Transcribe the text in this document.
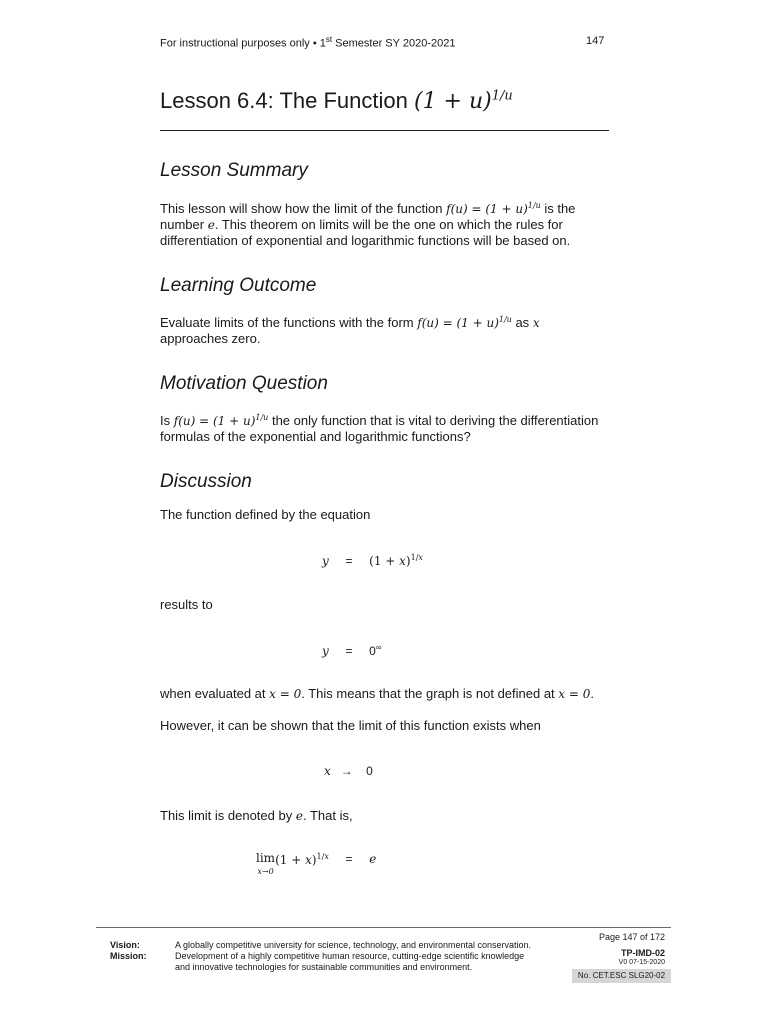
For instructional purposes only • 1st Semester SY 2020-2021	147
Lesson 6.4: The Function $(1 + u)^{1/u}$
Lesson Summary

This lesson will show how the limit of the function $f(u) = (1 + u)^{1/u}$ is the number e. This theorem on limits will be the one on which the rules for differentiation of exponential and logarithmic functions will be based on.

Learning Outcome

Evaluate limits of the functions with the form $f(u) = (1 + u)^{1/u}$ as x approaches zero.

Motivation Question

Is $f(u) = (1 + u)^{1/u}$ the only function that is vital to deriving the differentiation formulas of the exponential and logarithmic functions?

Discussion

The function defined by the equation

y     =     $(1 + x)^{1/x}$

results to

y     =     0∞

when evaluated at x = 0. This means that the graph is not defined at x = 0.

However, it can be shown that the limit of this function exists when

x   →    0

This limit is denoted by e. That is,

lim
$x\to 0(1 + x)^{1/x} = e$
Vision:
Mission:
A globally competitive university for science, technology, and environmental conservation.
Development of a highly competitive human resource, cutting-edge scientific knowledge
and innovative technologies for sustainable communities and environment.
Page 147 of 172
TP-IMD-02
V0 07-15-2020
No. CET.ESC SLG20-02
